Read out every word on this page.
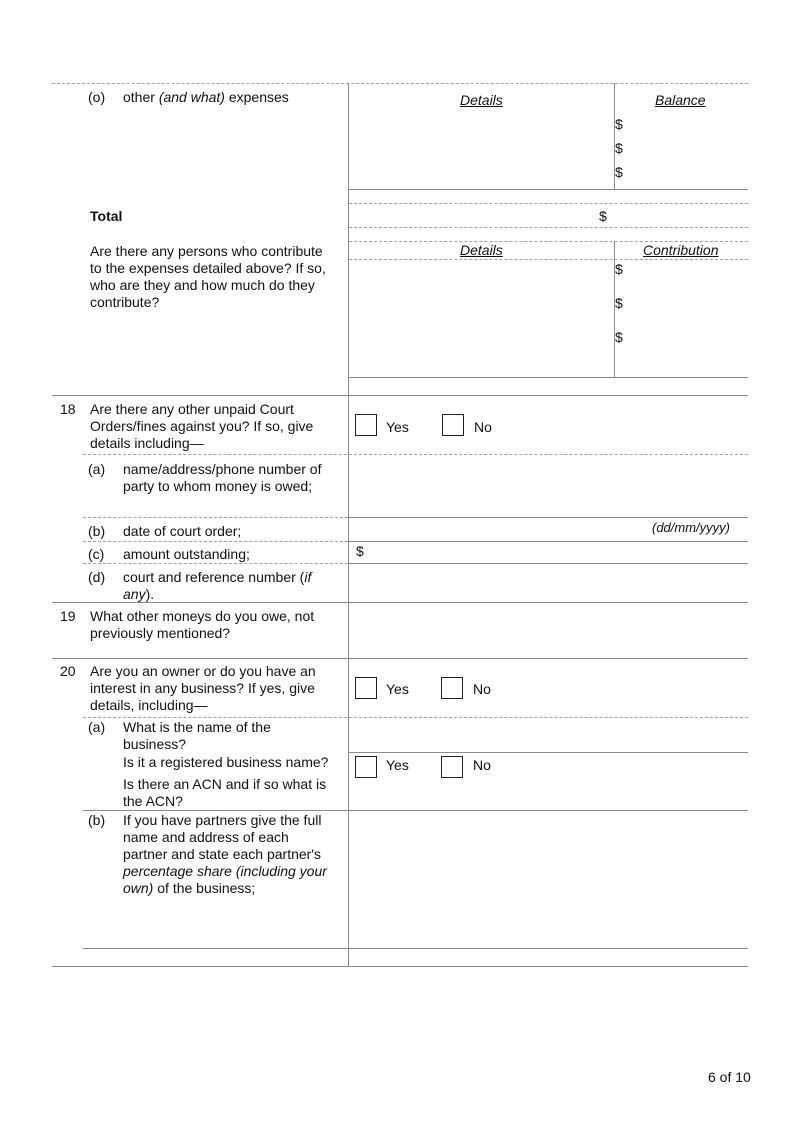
(o) other (and what) expenses	Details	Balance
$
$
$
Total	$
Are there any persons who contribute
to the expenses detailed above? If so,
who are they and how much do they
contribute?
Details	Contribution
$
$
$
18 Are there any other unpaid Court
Orders/fines against you? If so, give
details including—
Yes	No
(a) name/address/phone number of
party to whom money is owed;
(b) date of court order;	(dd/mm/yyyy)
(c) amount outstanding;	$
(d) court and reference number (if
any).
19 What other moneys do you owe, not
previously mentioned?
20 Are you an owner or do you have an
interest in any business? If yes, give
details, including—
Yes	No
(a) What is the name of the
business?
Is it a registered business name?	Yes	No
Is there an ACN and if so what is
the ACN?
(b) If you have partners give the full
name and address of each
partner and state each partner's
percentage share (including your
own) of the business;
6 of 10
